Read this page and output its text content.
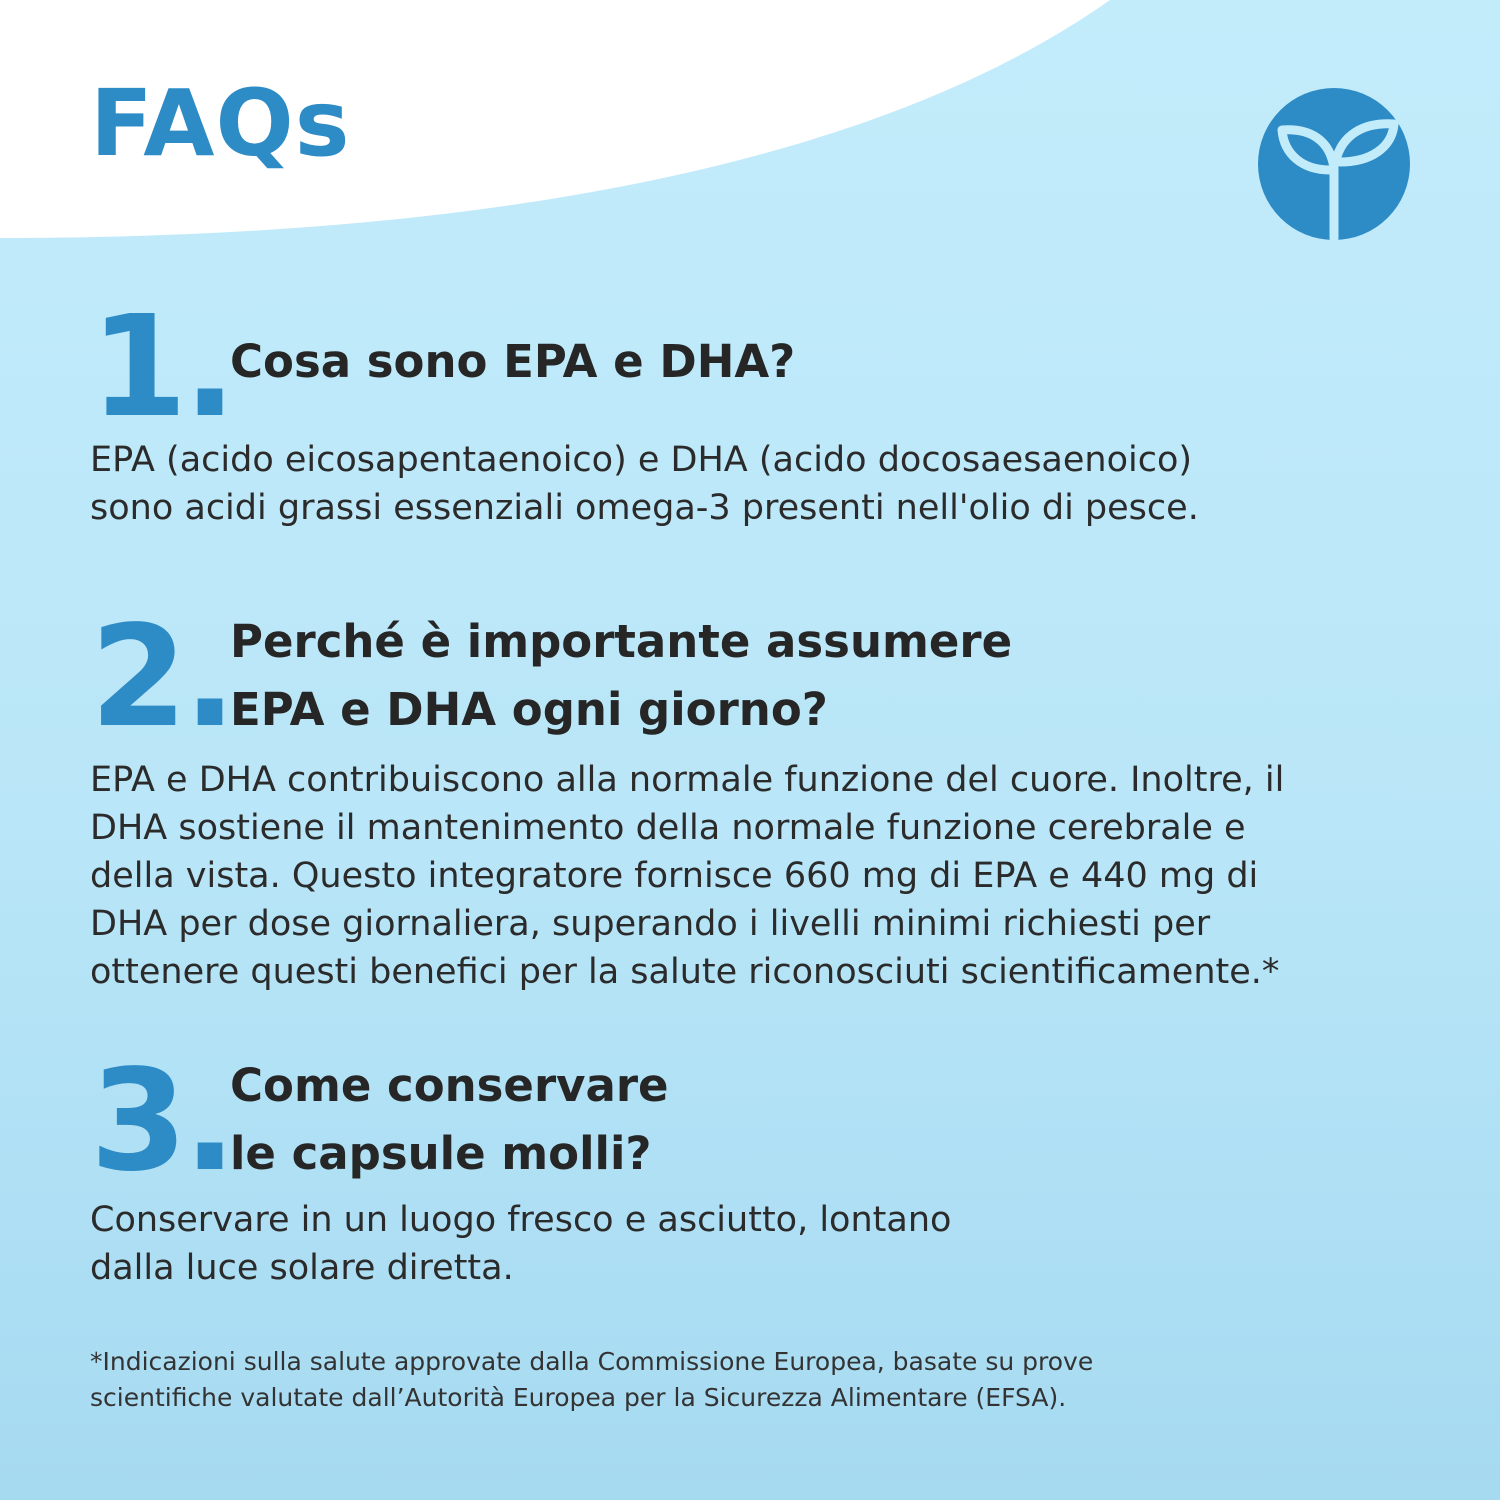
FAQs
1.
Cosa sono EPA e DHA?

EPA (acido eicosapentaenoico) e DHA (acido docosaesaenoico)
sono acidi grassi essenziali omega-3 presenti nell'olio di pesce.

2.
Perché è importante assumere
EPA e DHA ogni giorno?

EPA e DHA contribuiscono alla normale funzione del cuore. Inoltre, il
DHA sostiene il mantenimento della normale funzione cerebrale e
della vista. Questo integratore fornisce 660 mg di EPA e 440 mg di
DHA per dose giornaliera, superando i livelli minimi richiesti per
ottenere questi benefici per la salute riconosciuti scientificamente.*

3.
Come conservare
le capsule molli?

Conservare in un luogo fresco e asciutto, lontano
dalla luce solare diretta.

*Indicazioni sulla salute approvate dalla Commissione Europea, basate su prove
scientifiche valutate dall’Autorità Europea per la Sicurezza Alimentare (EFSA).
